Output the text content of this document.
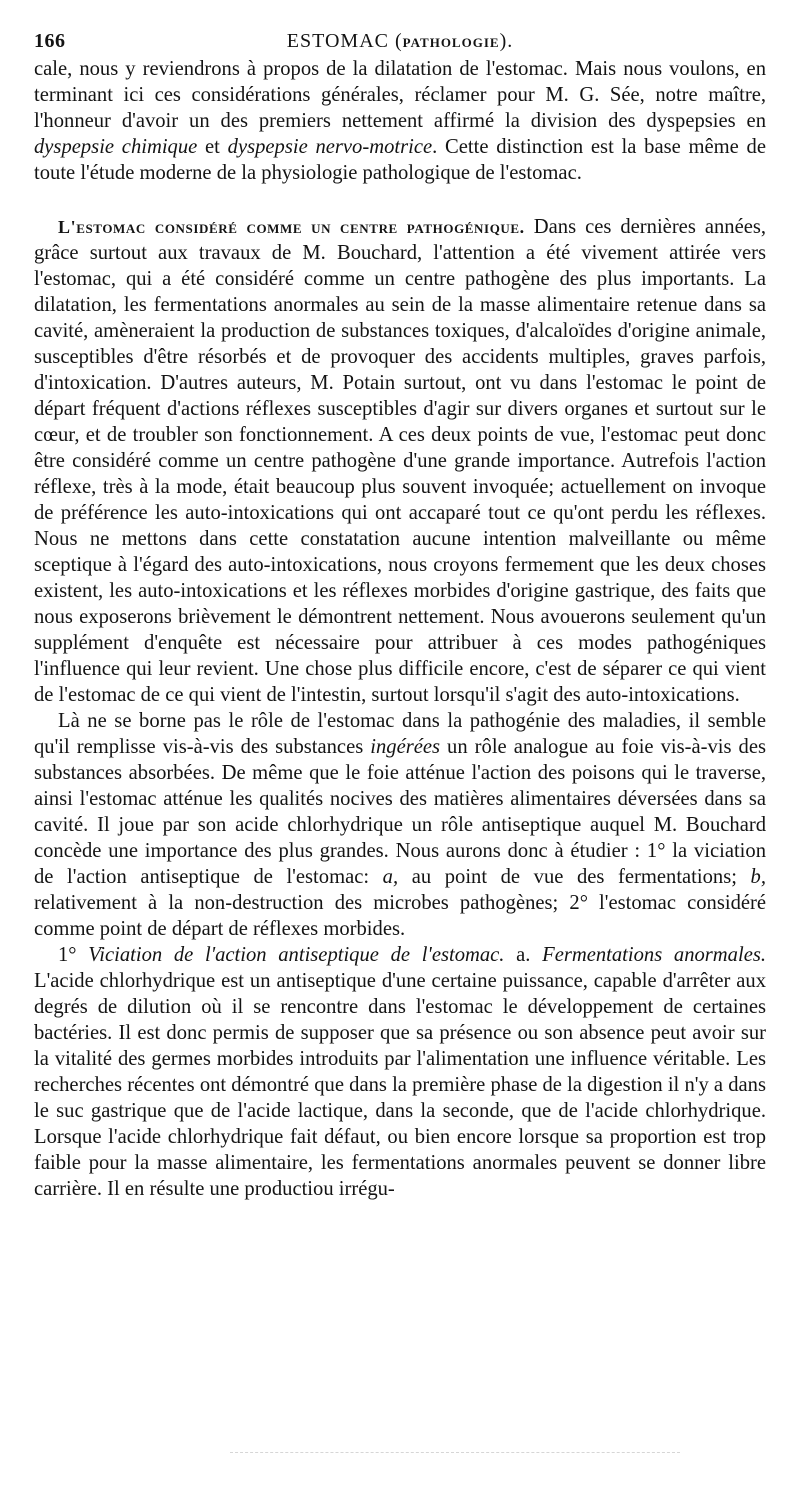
166	ESTOMAC (PATHOLOGIE).

cale, nous y reviendrons à propos de la dilatation de l'estomac. Mais nous voulons, en terminant ici ces considérations générales, réclamer pour M. G. Sée, notre maître, l'honneur d'avoir un des premiers nettement affirmé la division des dyspepsies en dyspepsie chimique et dyspepsie nervo-motrice. Cette distinction est la base même de toute l'étude moderne de la physiologie pathologique de l'estomac.

L'estomac considéré comme un centre pathogénique. Dans ces dernières années, grâce surtout aux travaux de M. Bouchard, l'attention a été vivement attirée vers l'estomac, qui a été considéré comme un centre pathogène des plus importants. La dilatation, les fermentations anormales au sein de la masse alimentaire retenue dans sa cavité, amèneraient la production de substances toxiques, d'alcaloïdes d'origine animale, susceptibles d'être résorbés et de provoquer des accidents multiples, graves parfois, d'intoxication. D'autres auteurs, M. Potain surtout, ont vu dans l'estomac le point de départ fréquent d'actions réflexes susceptibles d'agir sur divers organes et surtout sur le cœur, et de troubler son fonctionnement. A ces deux points de vue, l'estomac peut donc être considéré comme un centre pathogène d'une grande importance. Autrefois l'action réflexe, très à la mode, était beaucoup plus souvent invoquée; actuellement on invoque de préférence les auto-intoxications qui ont accaparé tout ce qu'ont perdu les réflexes. Nous ne mettons dans cette constatation aucune intention malveillante ou même sceptique à l'égard des auto-intoxications, nous croyons fermement que les deux choses existent, les auto-intoxications et les réflexes morbides d'origine gastrique, des faits que nous exposerons brièvement le démontrent nettement. Nous avouerons seulement qu'un supplément d'enquête est nécessaire pour attribuer à ces modes pathogéniques l'influence qui leur revient. Une chose plus difficile encore, c'est de séparer ce qui vient de l'estomac de ce qui vient de l'intestin, surtout lorsqu'il s'agit des auto-intoxications.

Là ne se borne pas le rôle de l'estomac dans la pathogénie des maladies, il semble qu'il remplisse vis-à-vis des substances ingérées un rôle analogue au foie vis-à-vis des substances absorbées. De même que le foie atténue l'action des poisons qui le traverse, ainsi l'estomac atténue les qualités nocives des matières alimentaires déversées dans sa cavité. Il joue par son acide chlorhydrique un rôle antiseptique auquel M. Bouchard concède une importance des plus grandes. Nous aurons donc à étudier : 1° la viciation de l'action antiseptique de l'estomac: a, au point de vue des fermentations; b, relativement à la non-destruction des microbes pathogènes; 2° l'estomac considéré comme point de départ de réflexes morbides.

1° Viciation de l'action antiseptique de l'estomac. a. Fermentations anormales. L'acide chlorhydrique est un antiseptique d'une certaine puissance, capable d'arrêter aux degrés de dilution où il se rencontre dans l'estomac le développement de certaines bactéries. Il est donc permis de supposer que sa présence ou son absence peut avoir sur la vitalité des germes morbides introduits par l'alimentation une influence véritable. Les recherches récentes ont démontré que dans la première phase de la digestion il n'y a dans le suc gastrique que de l'acide lactique, dans la seconde, que de l'acide chlorhydrique. Lorsque l'acide chlorhydrique fait défaut, ou bien encore lorsque sa proportion est trop faible pour la masse alimentaire, les fermentations anormales peuvent se donner libre carrière. Il en résulte une productiou irrégu-
